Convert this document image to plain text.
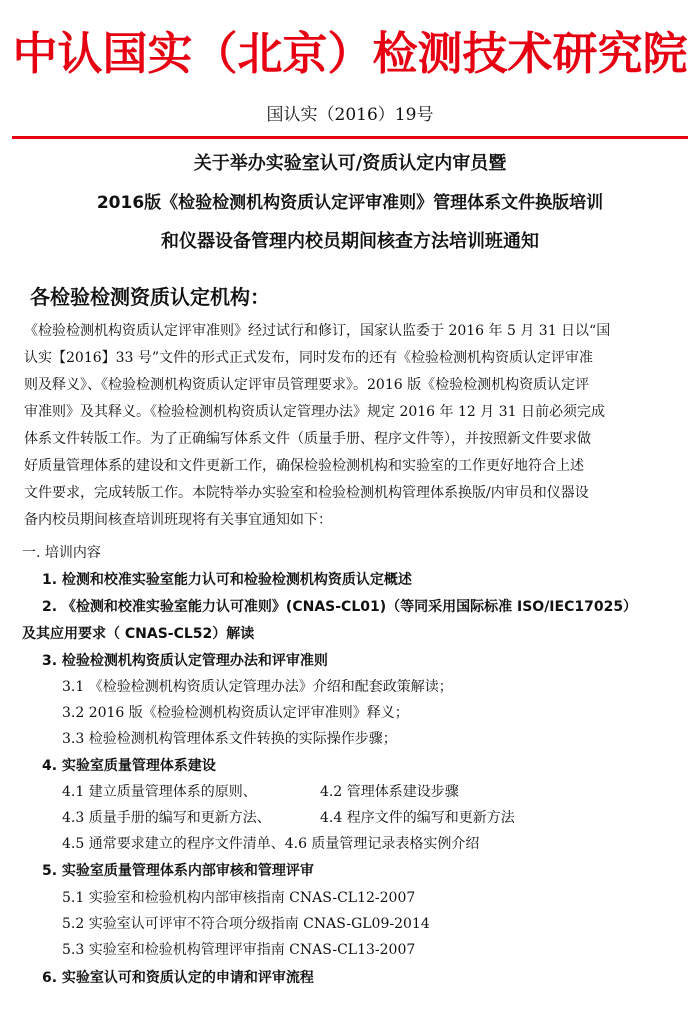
中认国实（北京）检测技术研究院
国认实（2016）19号
关于举办实验室认可/资质认定内审员暨
2016版《检验检测机构资质认定评审准则》管理体系文件换版培训
和仪器设备管理内校员期间核查方法培训班通知
各检验检测资质认定机构：
《检验检测机构资质认定评审准则》经过试行和修订，国家认监委于 2016 年 5 月 31 日以“国
认实【2016】33 号”文件的形式正式发布，同时发布的还有《检验检测机构资质认定评审准
则及释义》、《检验检测机构资质认定评审员管理要求》。2016 版《检验检测机构资质认定评
审准则》及其释义。《检验检测机构资质认定管理办法》规定 2016 年 12 月 31 日前必须完成
体系文件转版工作。为了正确编写体系文件（质量手册、程序文件等），并按照新文件要求做
好质量管理体系的建设和文件更新工作，确保检验检测机构和实验室的工作更好地符合上述
文件要求，完成转版工作。本院特举办实验室和检验检测机构管理体系换版/内审员和仪器设
备内校员期间核查培训班现将有关事宜通知如下：
一. 培训内容
1. 检测和校准实验室能力认可和检验检测机构资质认定概述
2. 《检测和校准实验室能力认可准则》(CNAS-CL01)（等同采用国际标准 ISO/IEC17025）
及其应用要求（ CNAS-CL52）解读
3. 检验检测机构资质认定管理办法和评审准则
3.1 《检验检测机构资质认定管理办法》介绍和配套政策解读；
3.2 2016 版《检验检测机构资质认定评审准则》释义；
3.3 检验检测机构管理体系文件转换的实际操作步骤；
4. 实验室质量管理体系建设
4.1 建立质量管理体系的原则、	4.2 管理体系建设步骤
4.3 质量手册的编写和更新方法、	4.4 程序文件的编写和更新方法
4.5 通常要求建立的程序文件清单、4.6 质量管理记录表格实例介绍
5. 实验室质量管理体系内部审核和管理评审
5.1 实验室和检验机构内部审核指南 CNAS-CL12-2007
5.2 实验室认可评审不符合项分级指南 CNAS-GL09-2014
5.3 实验室和检验机构管理评审指南 CNAS-CL13-2007
6. 实验室认可和资质认定的申请和评审流程
